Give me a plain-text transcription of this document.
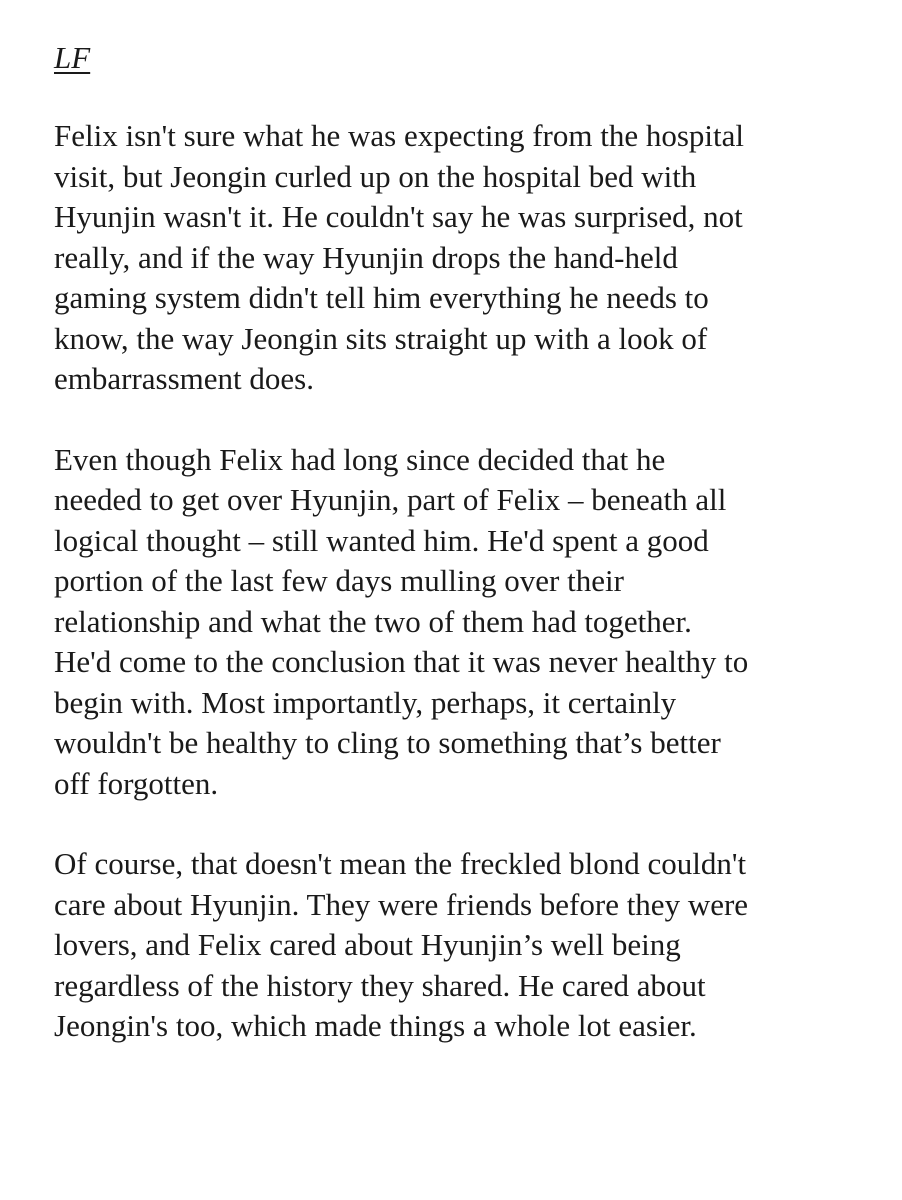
LF

Felix isn't sure what he was expecting from the hospital
visit, but Jeongin curled up on the hospital bed with
Hyunjin wasn't it. He couldn't say he was surprised, not
really, and if the way Hyunjin drops the hand-held
gaming system didn't tell him everything he needs to
know, the way Jeongin sits straight up with a look of
embarrassment does.

Even though Felix had long since decided that he
needed to get over Hyunjin, part of Felix – beneath all
logical thought – still wanted him. He'd spent a good
portion of the last few days mulling over their
relationship and what the two of them had together.
He'd come to the conclusion that it was never healthy to
begin with. Most importantly, perhaps, it certainly
wouldn't be healthy to cling to something that’s better
off forgotten.

Of course, that doesn't mean the freckled blond couldn't
care about Hyunjin. They were friends before they were
lovers, and Felix cared about Hyunjin’s well being
regardless of the history they shared. He cared about
Jeongin's too, which made things a whole lot easier.
